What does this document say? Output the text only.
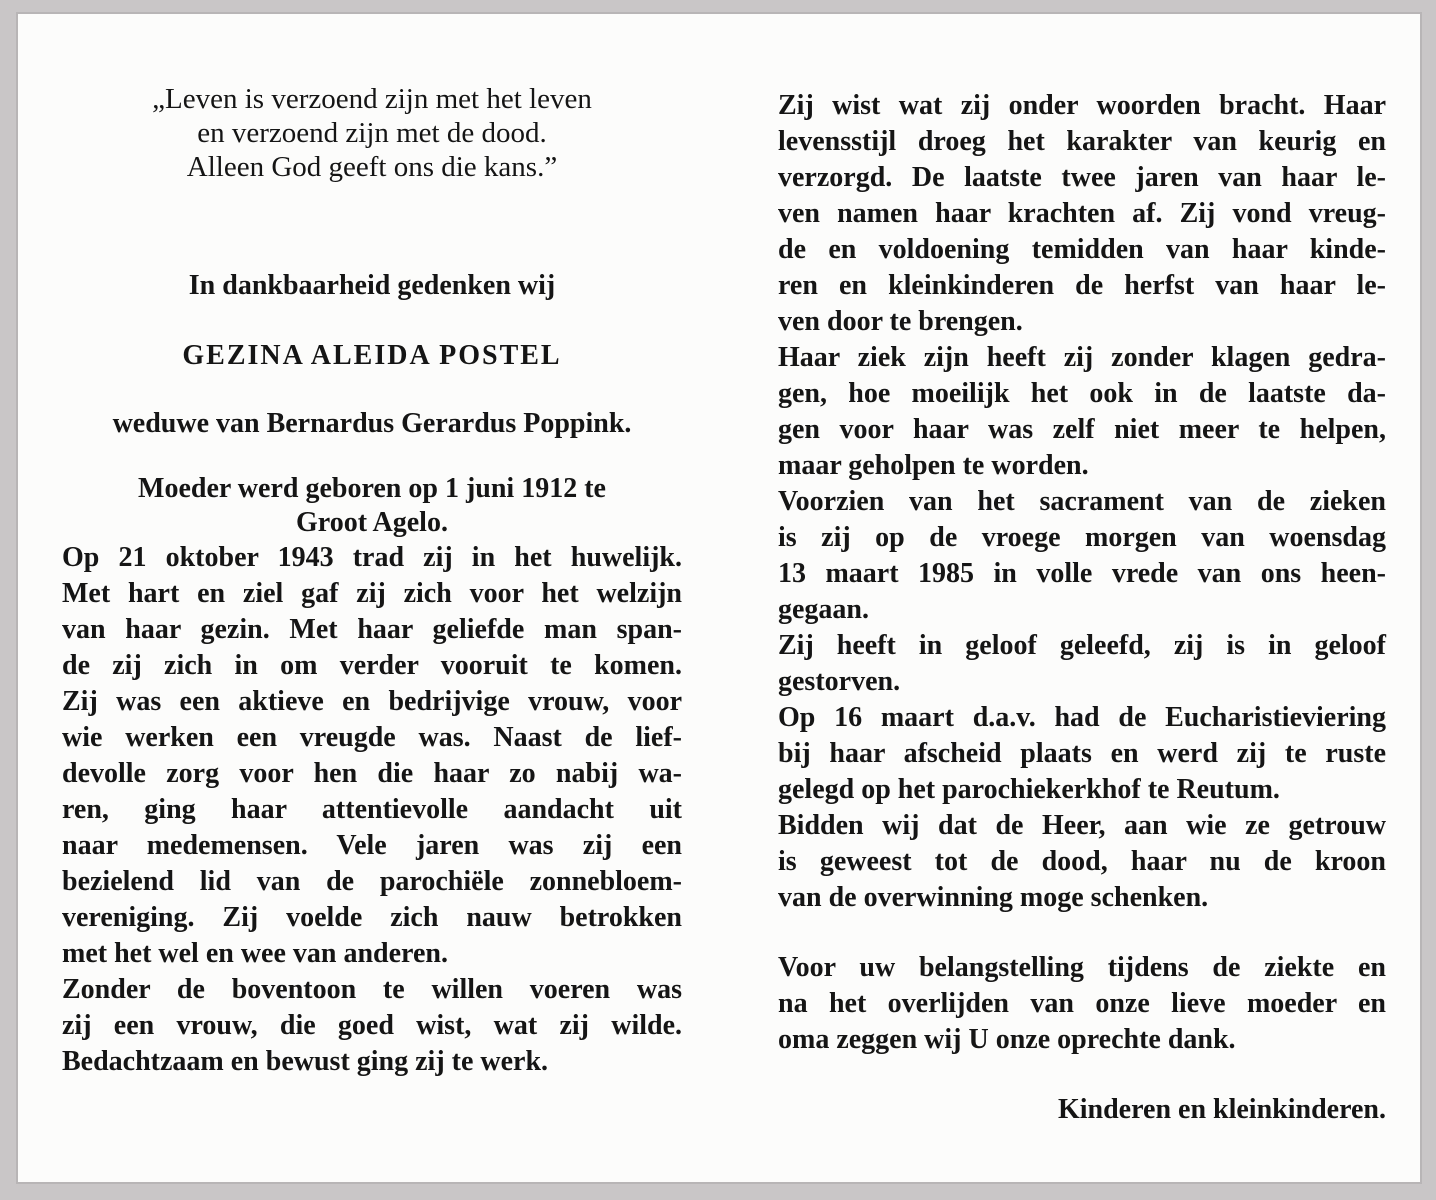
„Leven is verzoend zijn met het leven
en verzoend zijn met de dood.
Alleen God geeft ons die kans.”
In dankbaarheid gedenken wij
GEZINA ALEIDA POSTEL
weduwe van Bernardus Gerardus Poppink.
Moeder werd geboren op 1 juni 1912 te
Groot Agelo.
Op 21 oktober 1943 trad zij in het huwelijk.
Met hart en ziel gaf zij zich voor het welzijn
van haar gezin. Met haar geliefde man span-
de zij zich in om verder vooruit te komen.
Zij was een aktieve en bedrijvige vrouw, voor
wie werken een vreugde was. Naast de lief-
devolle zorg voor hen die haar zo nabij wa-
ren, ging haar attentievolle aandacht uit
naar medemensen. Vele jaren was zij een
bezielend lid van de parochiële zonnebloem-
vereniging. Zij voelde zich nauw betrokken
met het wel en wee van anderen.
Zonder de boventoon te willen voeren was
zij een vrouw, die goed wist, wat zij wilde.
Bedachtzaam en bewust ging zij te werk.
Zij wist wat zij onder woorden bracht. Haar
levensstijl droeg het karakter van keurig en
verzorgd. De laatste twee jaren van haar le-
ven namen haar krachten af. Zij vond vreug-
de en voldoening temidden van haar kinde-
ren en kleinkinderen de herfst van haar le-
ven door te brengen.
Haar ziek zijn heeft zij zonder klagen gedra-
gen, hoe moeilijk het ook in de laatste da-
gen voor haar was zelf niet meer te helpen,
maar geholpen te worden.
Voorzien van het sacrament van de zieken
is zij op de vroege morgen van woensdag
13 maart 1985 in volle vrede van ons heen-
gegaan.
Zij heeft in geloof geleefd, zij is in geloof
gestorven.
Op 16 maart d.a.v. had de Eucharistieviering
bij haar afscheid plaats en werd zij te ruste
gelegd op het parochiekerkhof te Reutum.
Bidden wij dat de Heer, aan wie ze getrouw
is geweest tot de dood, haar nu de kroon
van de overwinning moge schenken.
Voor uw belangstelling tijdens de ziekte en
na het overlijden van onze lieve moeder en
oma zeggen wij U onze oprechte dank.
Kinderen en kleinkinderen.
